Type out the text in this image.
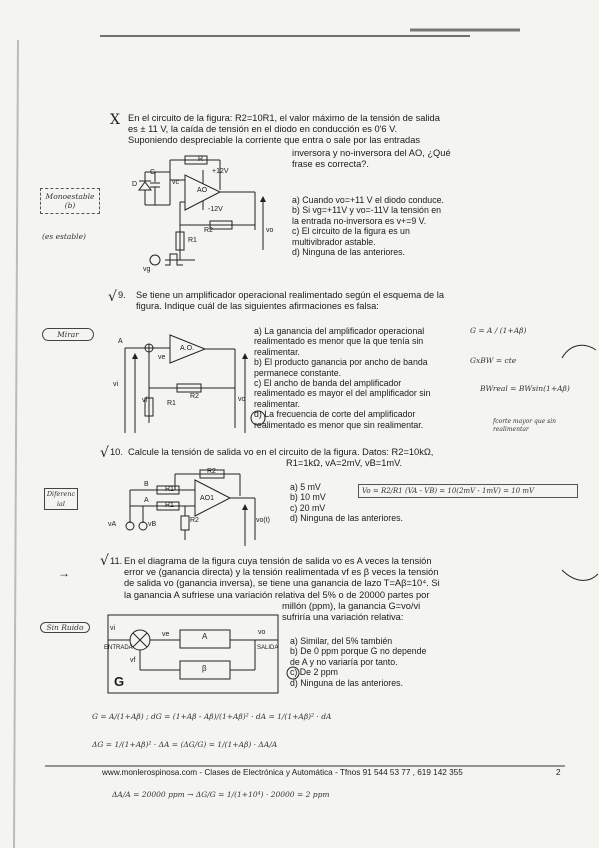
X En el circuito de la figura: R2=10R1, el valor máximo de la tensión de salida
es ± 11 V, la caída de tensión en el diodo en conducción es 0'6 V.
Suponiendo despreciable la corriente que entra o sale por las entradas
inversora y no-inversora del AO, ¿Qué
frase es correcta?.
a) Cuando vo=+11 V el diodo conduce.
b) Si vg=+11V y vo=-11V la tensión en
la entrada no-inversora es v+=9 V.
c) El circuito de la figura es un
multivibrador astable.
d) Ninguna de las anteriores.
Monoestable
(b)
(es estable)
R
D
C
vc
AO
+12V
-12V
R1
R2	vo
vg
√ 9. Se tiene un amplificador operacional realimentado según el esquema de la
figura. Indique cuál de las siguientes afirmaciones es falsa:
a) La ganancia del amplificador operacional
realimentado es menor que la que tenía sin
realimentar.
b) El producto ganancia por ancho de banda
permanece constante.
c) El ancho de banda del amplificador
realimentado es mayor el del amplificador sin
realimentar.
d) La frecuencia de corte del amplificador
realimentado es menor que sin realimentar.
Mirar
A
A.O.
vi
vf	R1
R2	vo
ve
G = A / (1+Aβ)
GxBW = cte
BWreal = BWsin(1+Aβ)
fcorte mayor que sin realimentar
√ 10. Calcule la tensión de salida vo en el circuito de la figura. Datos: R2=10kΩ,
R1=1kΩ, vA=2mV, vB=1mV.
a) 5 mV
b) 10 mV
c) 20 mV
d) Ninguna de las anteriores.
Diferenc
ial
Vo = R2/R1 (VA - VB) = 10(2mV - 1mV) = 10 mV
R2
R1
R1
R2
AO1
B
A
vA	vB
vo(t)
→
√ 11. En el diagrama de la figura cuya tensión de salida vo es A veces la tensión
error ve (ganancia directa) y la tensión realimentada vf es β veces la tensión
de salida vo (ganancia inversa), se tiene una ganancia de lazo T=Aβ=10⁴. Si
la ganancia A sufriese una variación relativa del 5% o de 20000 partes por
millón (ppm), la ganancia G=vo/vi
sufriría una variación relativa:
a) Similar, del 5% también
b) De 0 ppm porque G no depende
de A y no variaría por tanto.
c) De 2 ppm
d) Ninguna de las anteriores.
Sin Ruido	vi
ve	A
β
vf
vo
ENTRADA	SALIDA
G
G = A/(1+Aβ) ; dG = (1+Aβ - Aβ)/(1+Aβ)² · dA = 1/(1+Aβ)² · dA
ΔG = 1/(1+Aβ)² · ΔA = (ΔG/G) = 1/(1+Aβ) · ΔA/A
ΔA/A = 20000 ppm → ΔG/G = 1/(1+10⁴) · 20000 = 2 ppm
www.monlerospinosa.com - Clases de Electrónica y Automática - Tfnos 91 544 53 77 , 619 142 355	2
